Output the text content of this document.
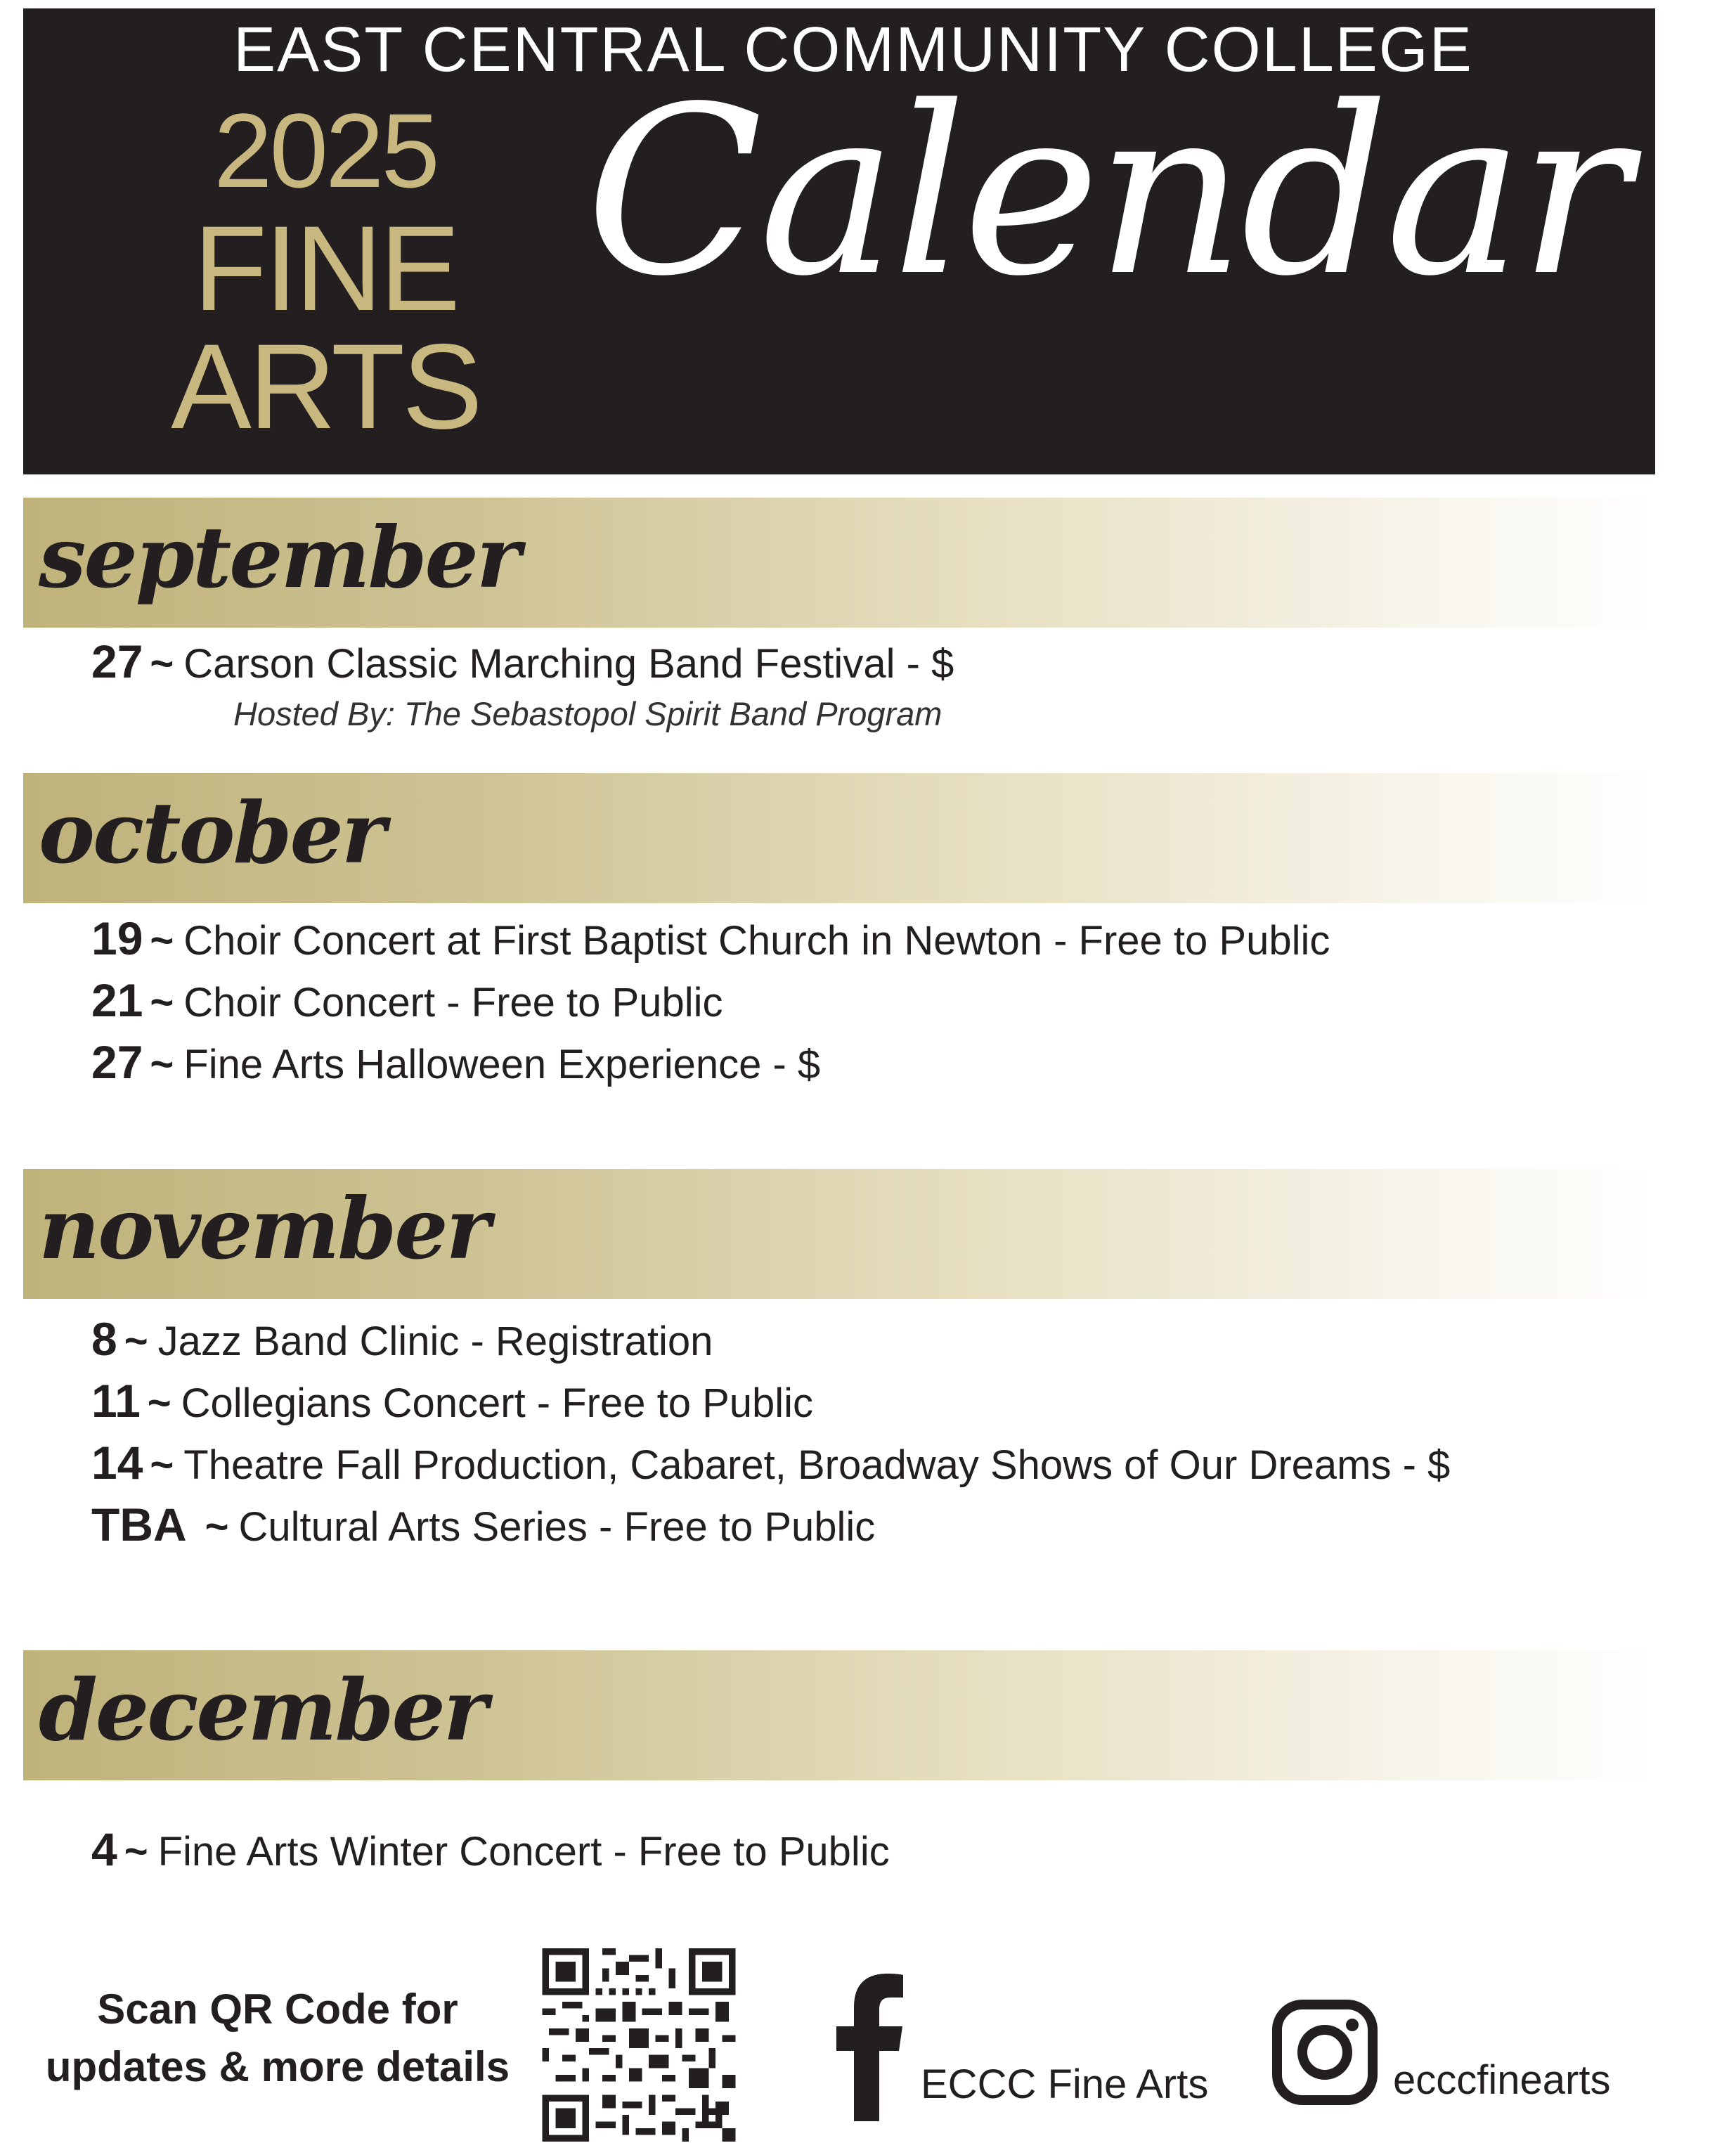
EAST CENTRAL COMMUNITY COLLEGE
2025
FINE
ARTS
Calendar
september
27 ~ Carson Classic Marching Band Festival - $
Hosted By: The Sebastopol Spirit Band Program
october
19 ~ Choir Concert at First Baptist Church in Newton - Free to Public
21 ~ Choir Concert - Free to Public
27 ~ Fine Arts Halloween Experience - $
november
8 ~ Jazz Band Clinic - Registration
11 ~ Collegians Concert - Free to Public
14 ~ Theatre Fall Production, Cabaret, Broadway Shows of Our Dreams - $
TBA ~ Cultural Arts Series - Free to Public
december
4 ~ Fine Arts Winter Concert - Free to Public
Scan QR Code for
updates & more details	ECCC Fine Arts	ecccfinearts
